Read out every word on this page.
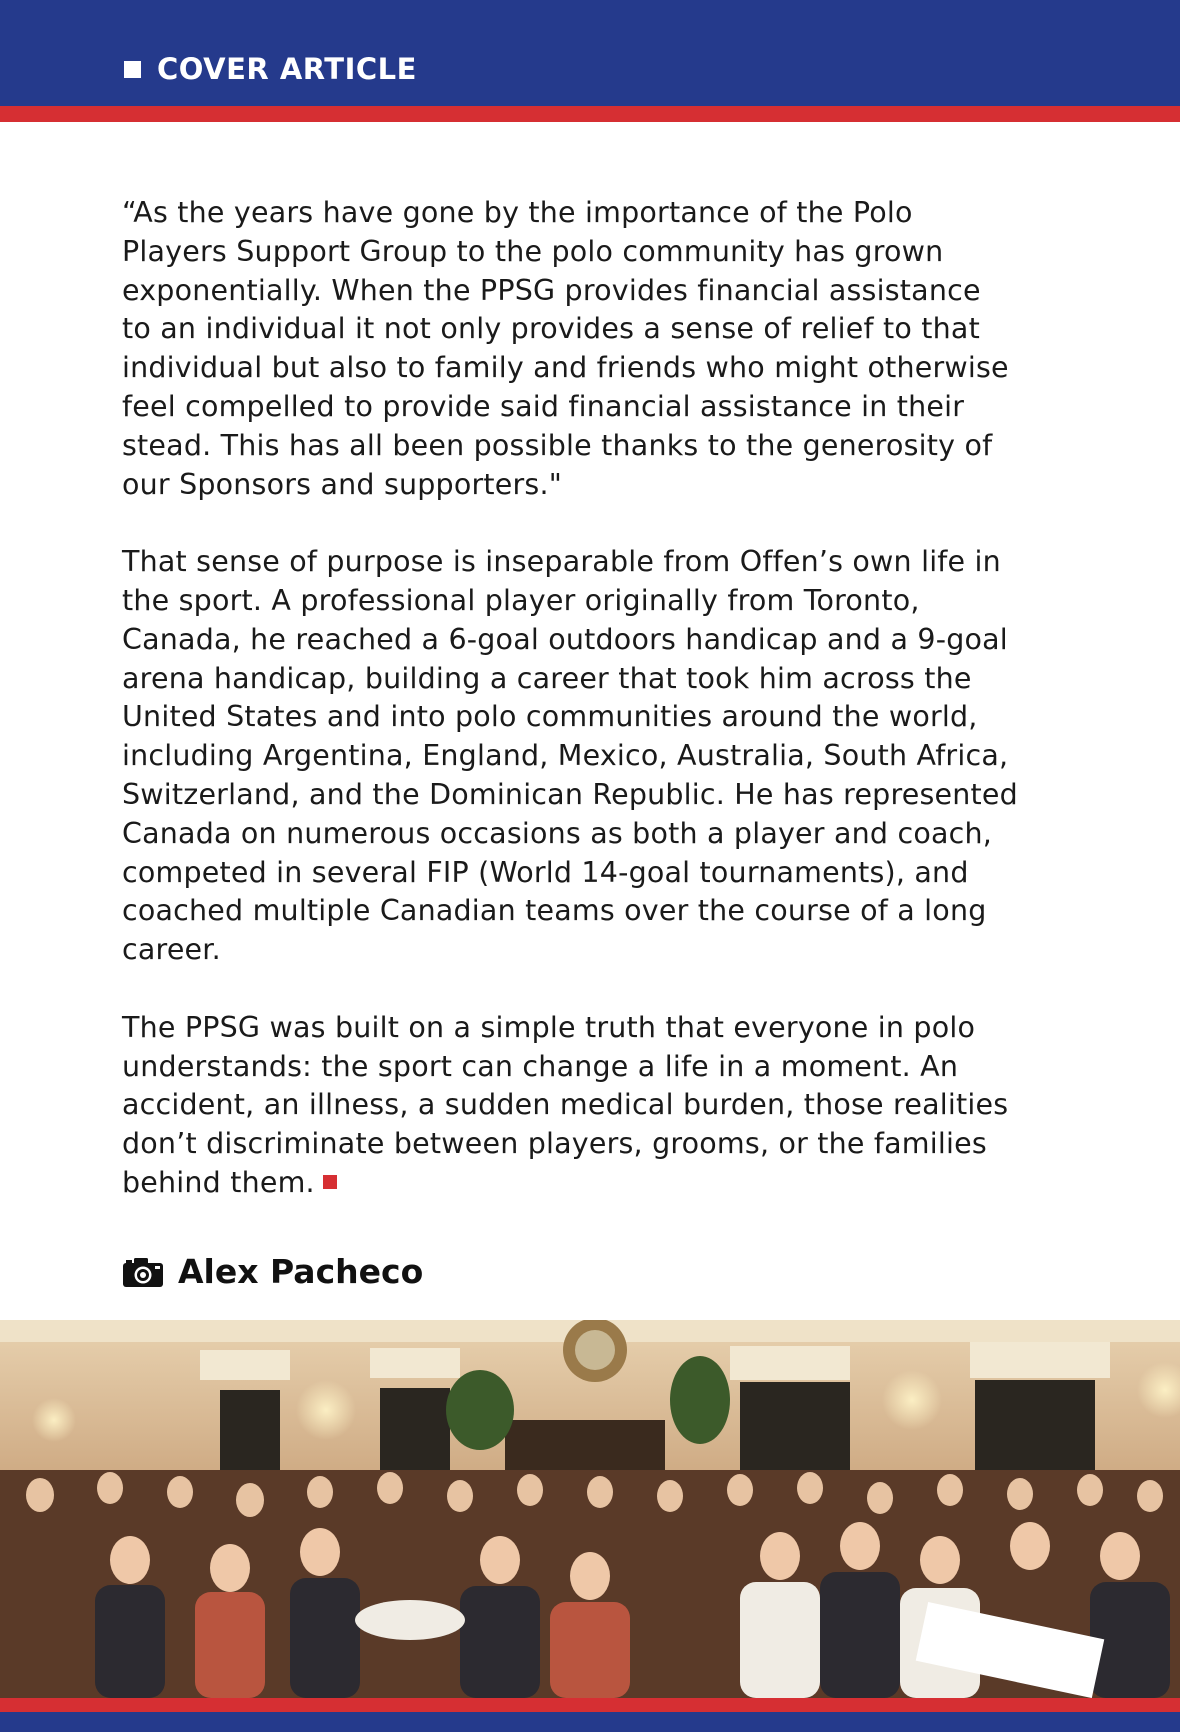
COVER ARTICLE

“As the years have gone by the importance of the Polo
Players Support Group to the polo community has grown
exponentially. When the PPSG provides financial assistance
to an individual it not only provides a sense of relief to that
individual but also to family and friends who might otherwise
feel compelled to provide said financial assistance in their
stead. This has all been possible thanks to the generosity of
our Sponsors and supporters."

That sense of purpose is inseparable from Offen’s own life in
the sport. A professional player originally from Toronto,
Canada, he reached a 6-goal outdoors handicap and a 9-goal
arena handicap, building a career that took him across the
United States and into polo communities around the world,
including Argentina, England, Mexico, Australia, South Africa,
Switzerland, and the Dominican Republic. He has represented
Canada on numerous occasions as both a player and coach,
competed in several FIP (World 14-goal tournaments), and
coached multiple Canadian teams over the course of a long
career.

The PPSG was built on a simple truth that everyone in polo
understands: the sport can change a life in a moment. An
accident, an illness, a sudden medical burden, those realities
don’t discriminate between players, grooms, or the families
behind them.

Alex Pacheco
